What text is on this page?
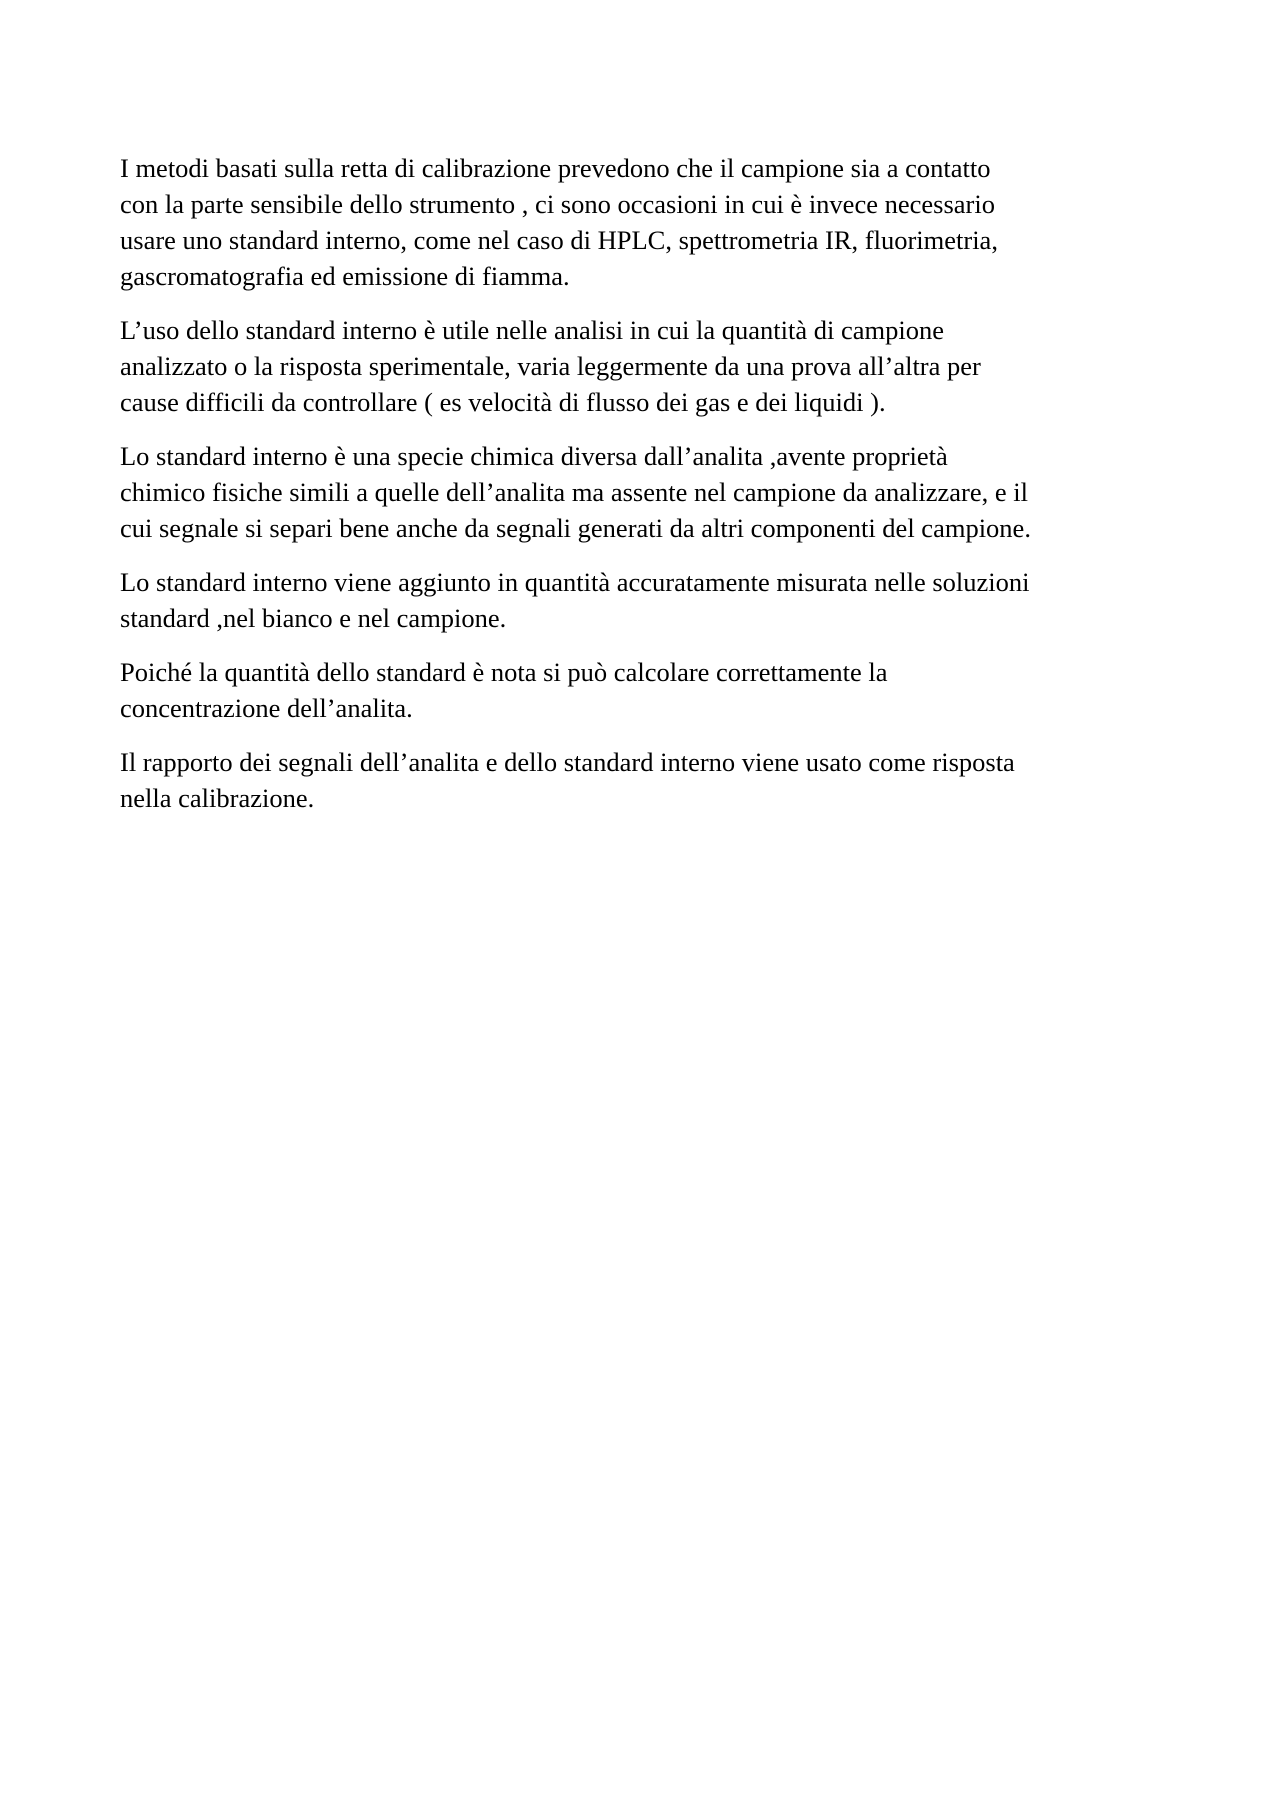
I metodi basati sulla retta di calibrazione prevedono che il campione sia a contatto
con la parte sensibile dello strumento , ci sono occasioni in cui è invece necessario
usare uno standard interno, come nel caso di HPLC, spettrometria IR, fluorimetria,
gascromatografia ed emissione di fiamma.

L’uso dello standard interno è utile nelle analisi in cui la quantità di campione
analizzato o la risposta sperimentale, varia leggermente da una prova all’altra per
cause difficili da controllare ( es velocità di flusso dei gas e dei liquidi ).

Lo standard interno è una specie chimica diversa dall’analita ,avente proprietà
chimico fisiche simili a quelle dell’analita ma assente nel campione da analizzare, e il
cui segnale si separi bene anche da segnali generati da altri componenti del campione.

Lo standard interno viene aggiunto in quantità accuratamente misurata nelle soluzioni
standard ,nel bianco e nel campione.

Poiché la quantità dello standard è nota si può calcolare correttamente la
concentrazione dell’analita.

Il rapporto dei segnali dell’analita e dello standard interno viene usato come risposta
nella calibrazione.
